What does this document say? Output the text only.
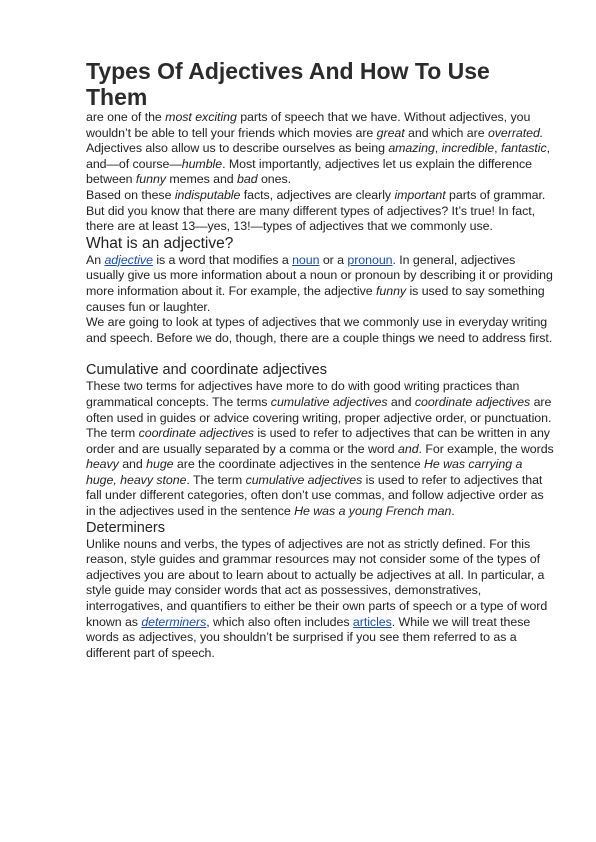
Types Of Adjectives And How To Use Them

are one of the most exciting parts of speech that we have. Without adjectives, you wouldn’t be able to tell your friends which movies are great and which are overrated. Adjectives also allow us to describe ourselves as being amazing, incredible, fantastic, and—of course—humble. Most importantly, adjectives let us explain the difference between funny memes and bad ones.

Based on these indisputable facts, adjectives are clearly important parts of grammar. But did you know that there are many different types of adjectives? It’s true! In fact, there are at least 13—yes, 13!—types of adjectives that we commonly use.

What is an adjective?

An adjective is a word that modifies a noun or a pronoun. In general, adjectives usually give us more information about a noun or pronoun by describing it or providing more information about it. For example, the adjective funny is used to say something causes fun or laughter.

We are going to look at types of adjectives that we commonly use in everyday writing and speech. Before we do, though, there are a couple things we need to address first.

Cumulative and coordinate adjectives

These two terms for adjectives have more to do with good writing practices than grammatical concepts. The terms cumulative adjectives and coordinate adjectives are often used in guides or advice covering writing, proper adjective order, or punctuation. The term coordinate adjectives is used to refer to adjectives that can be written in any order and are usually separated by a comma or the word and. For example, the words heavy and huge are the coordinate adjectives in the sentence He was carrying a huge, heavy stone. The term cumulative adjectives is used to refer to adjectives that fall under different categories, often don’t use commas, and follow adjective order as in the adjectives used in the sentence He was a young French man.

Determiners

Unlike nouns and verbs, the types of adjectives are not as strictly defined. For this reason, style guides and grammar resources may not consider some of the types of adjectives you are about to learn about to actually be adjectives at all. In particular, a style guide may consider words that act as possessives, demonstratives, interrogatives, and quantifiers to either be their own parts of speech or a type of word known as determiners, which also often includes articles. While we will treat these words as adjectives, you shouldn’t be surprised if you see them referred to as a different part of speech.
